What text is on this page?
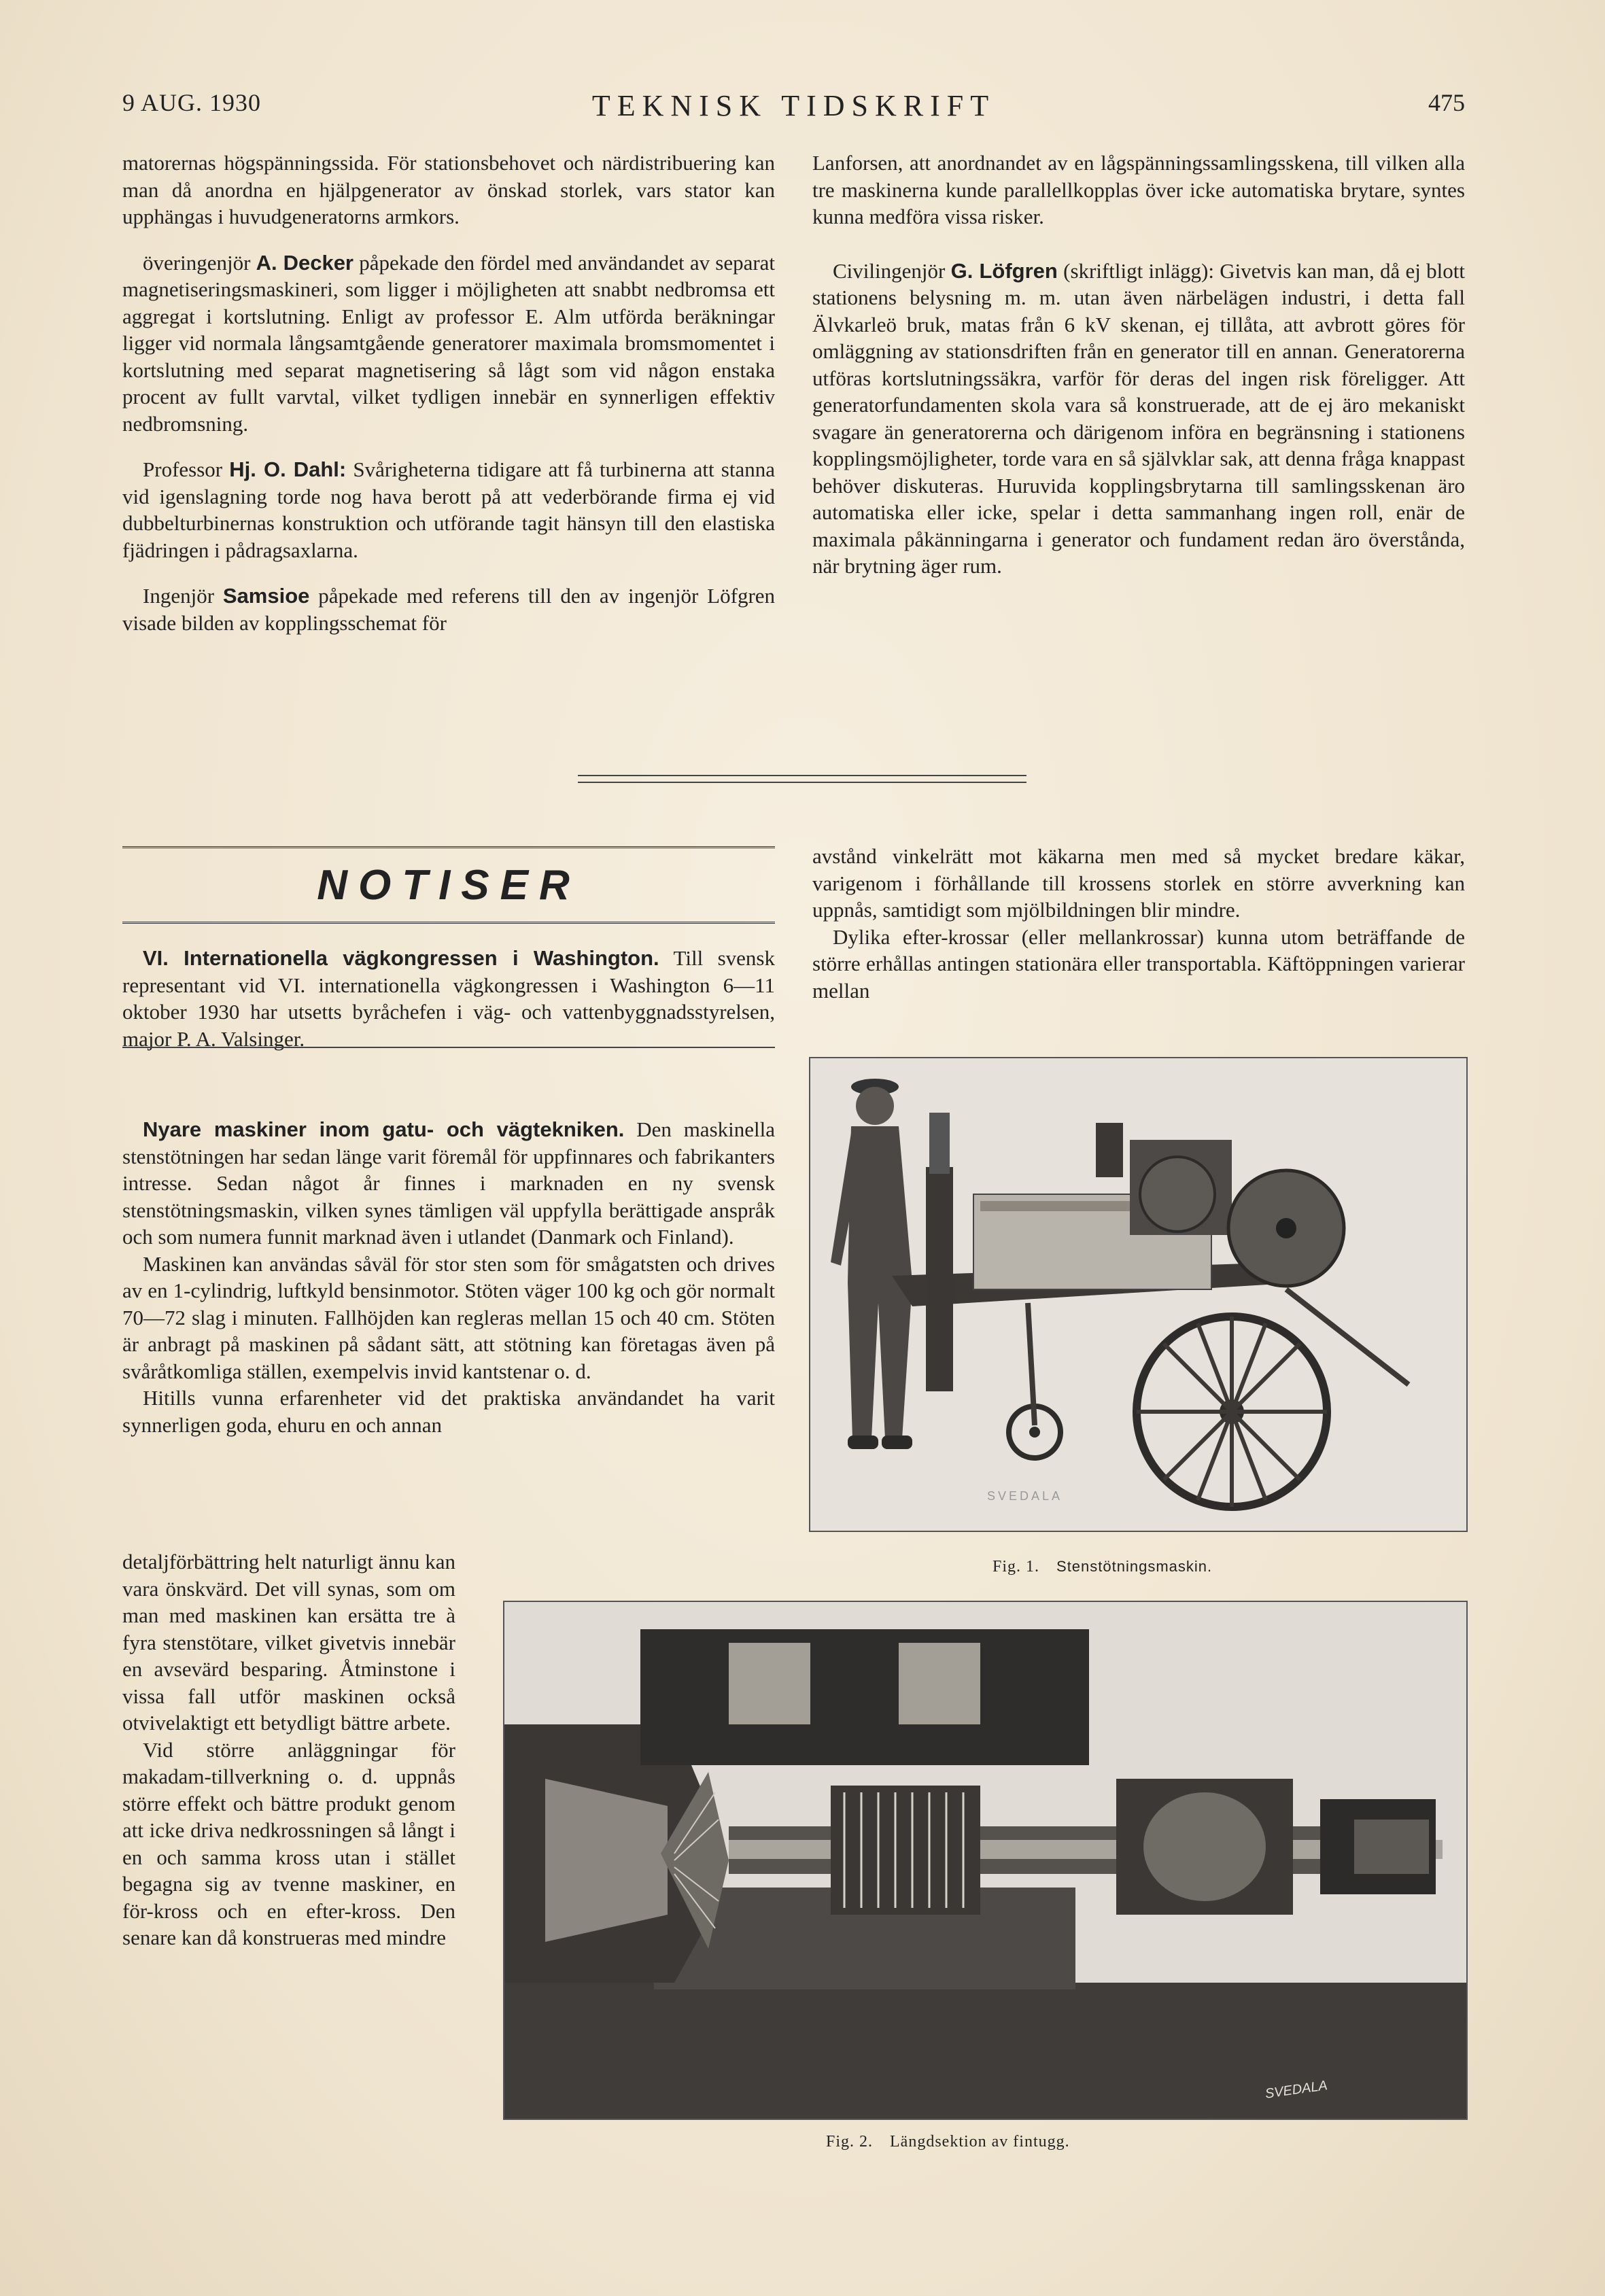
9 AUG. 1930	TEKNISK TIDSKRIFT	475

matorernas högspänningssida. För stationsbehovet och närdistribuering kan man då anordna en hjälpgenerator av önskad storlek, vars stator kan upphängas i huvudgeneratorns armkors.

överingenjör A. Decker påpekade den fördel med användandet av separat magnetiseringsmaskineri, som ligger i möjligheten att snabbt nedbromsa ett aggregat i kortslutning. Enligt av professor E. Alm utförda beräkningar ligger vid normala långsamtgående generatorer maximala bromsmomentet i kortslutning med separat magnetisering så lågt som vid någon enstaka procent av fullt varvtal, vilket tydligen innebär en synnerligen effektiv nedbromsning.

Professor Hj. O. Dahl: Svårigheterna tidigare att få turbinerna att stanna vid igenslagning torde nog hava berott på att vederbörande firma ej vid dubbelturbinernas konstruktion och utförande tagit hänsyn till den elastiska fjädringen i pådragsaxlarna.

Ingenjör Samsioe påpekade med referens till den av ingenjör Löfgren visade bilden av kopplingsschemat för

Lanforsen, att anordnandet av en lågspänningssamlingsskena, till vilken alla tre maskinerna kunde parallellkopplas över icke automatiska brytare, syntes kunna medföra vissa risker.

Civilingenjör G. Löfgren (skriftligt inlägg): Givetvis kan man, då ej blott stationens belysning m. m. utan även närbelägen industri, i detta fall Älvkarleö bruk, matas från 6 kV skenan, ej tillåta, att avbrott göres för omläggning av stationsdriften från en generator till en annan. Generatorerna utföras kortslutningssäkra, varför för deras del ingen risk föreligger. Att generatorfundamenten skola vara så konstruerade, att de ej äro mekaniskt svagare än generatorerna och därigenom införa en begränsning i stationens kopplingsmöjligheter, torde vara en så självklar sak, att denna fråga knappast behöver diskuteras. Huruvida kopplingsbrytarna till samlingsskenan äro automatiska eller icke, spelar i detta sammanhang ingen roll, enär de maximala påkänningarna i generator och fundament redan äro överstånda, när brytning äger rum.

NOTISER

VI. Internationella vägkongressen i Washington. Till svensk representant vid VI. internationella vägkongressen i Washington 6—11 oktober 1930 har utsetts byråchefen i väg- och vattenbyggnadsstyrelsen, major P. A. Valsinger.

Nyare maskiner inom gatu- och vägtekniken. Den maskinella stenstötningen har sedan länge varit föremål för uppfinnares och fabrikanters intresse. Sedan något år finnes i marknaden en ny svensk stenstötningsmaskin, vilken synes tämligen väl uppfylla berättigade anspråk och som numera funnit marknad även i utlandet (Danmark och Finland).

Maskinen kan användas såväl för stor sten som för smågatsten och drives av en 1-cylindrig, luftkyld bensinmotor. Stöten väger 100 kg och gör normalt 70—72 slag i minuten. Fallhöjden kan regleras mellan 15 och 40 cm. Stöten är anbragt på maskinen på sådant sätt, att stötning kan företagas även på svåråtkomliga ställen, exempelvis invid kantstenar o. d.

Hitills vunna erfarenheter vid det praktiska användandet ha varit synnerligen goda, ehuru en och annan

detaljförbättring helt naturligt ännu kan vara önskvärd. Det vill synas, som om man med maskinen kan ersätta tre à fyra stenstötare, vilket givetvis innebär en avsevärd besparing. Åtminstone i vissa fall utför maskinen också otvivelaktigt ett betydligt bättre arbete.

Vid större anläggningar för makadam-tillverkning o. d. uppnås större effekt och bättre produkt genom att icke driva nedkrossningen så långt i en och samma kross utan i stället begagna sig av tvenne maskiner, en för-kross och en efter-kross. Den senare kan då konstrueras med mindre

avstånd vinkelrätt mot käkarna men med så mycket bredare käkar, varigenom i förhållande till krossens storlek en större avverkning kan uppnås, samtidigt som mjölbildningen blir mindre.

Dylika efter-krossar (eller mellankrossar) kunna utom beträffande de större erhållas antingen stationära eller transportabla. Käftöppningen varierar mellan

SVEDALA
Fig. 1. Stenstötningsmaskin.
SVEDALA
Fig. 2. Längdsektion av fintugg.
